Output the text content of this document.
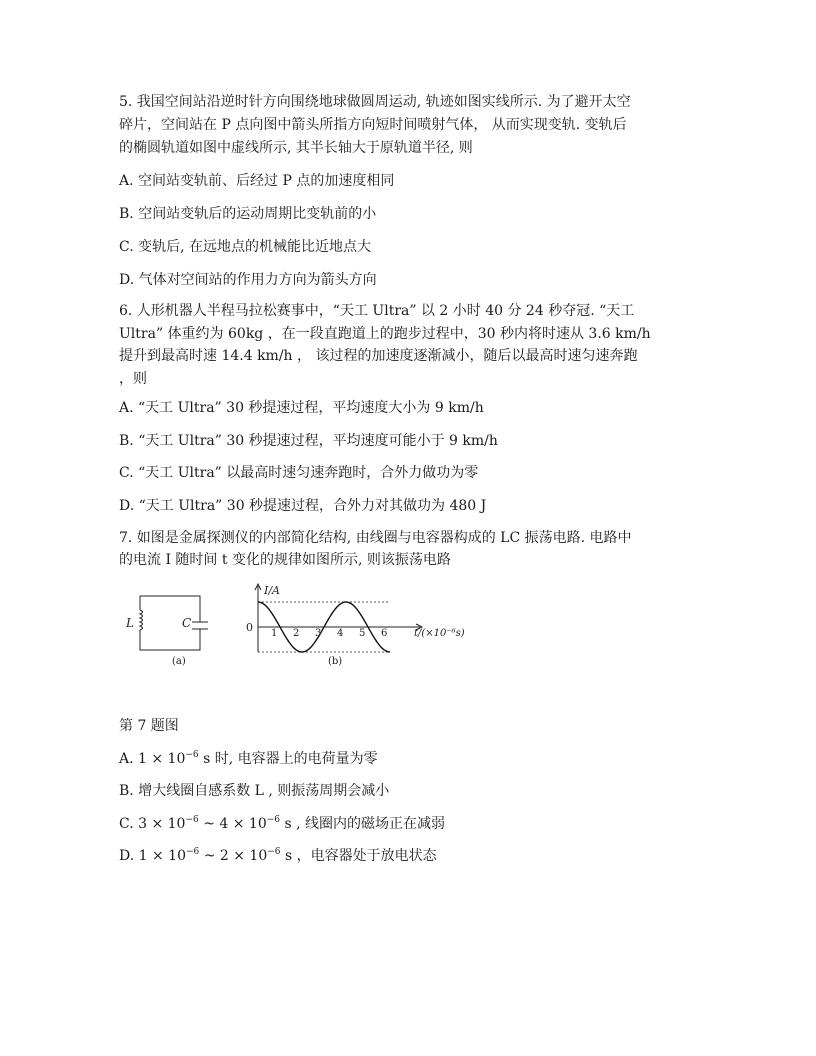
5. 我国空间站沿逆时针方向围绕地球做圆周运动, 轨迹如图实线所示. 为了避开太空
碎片，空间站在 P 点向图中箭头所指方向短时间喷射气体， 从而实现变轨. 变轨后
的椭圆轨道如图中虚线所示, 其半长轴大于原轨道半径, 则
A. 空间站变轨前、后经过 P 点的加速度相同
B. 空间站变轨后的运动周期比变轨前的小
C. 变轨后, 在远地点的机械能比近地点大
D. 气体对空间站的作用力方向为箭头方向
6. 人形机器人半程马拉松赛事中，“天工 Ultra” 以 2 小时 40 分 24 秒夺冠. “天工
Ultra” 体重约为 60kg ，在一段直跑道上的跑步过程中，30 秒内将时速从 3.6 km/h
提升到最高时速 14.4 km/h ， 该过程的加速度逐渐减小，随后以最高时速匀速奔跑
，则
A. “天工 Ultra” 30 秒提速过程，平均速度大小为 9 km/h
B. “天工 Ultra” 30 秒提速过程，平均速度可能小于 9 km/h
C. “天工 Ultra” 以最高时速匀速奔跑时，合外力做功为零
D. “天工 Ultra” 30 秒提速过程，合外力对其做功为 480 J
7. 如图是金属探测仪的内部简化结构, 由线圈与电容器构成的 LC 振荡电路. 电路中
的电流 I 随时间 t 变化的规律如图所示, 则该振荡电路
L	C
(a)
I/A
0 1 2 3 4 5 6	t/(×10⁻⁶s)
(b)
第 7 题图
A. $1 \times 10^{-6}$ s 时, 电容器上的电荷量为零
B. 增大线圈自感系数 L , 则振荡周期会减小
C. $3 \times 10^{-6}$ ~ $4 \times 10^{-6}$ s , 线圈内的磁场正在减弱
D. $1 \times 10^{-6}$ ~ $2 \times 10^{-6}$ s ，电容器处于放电状态
